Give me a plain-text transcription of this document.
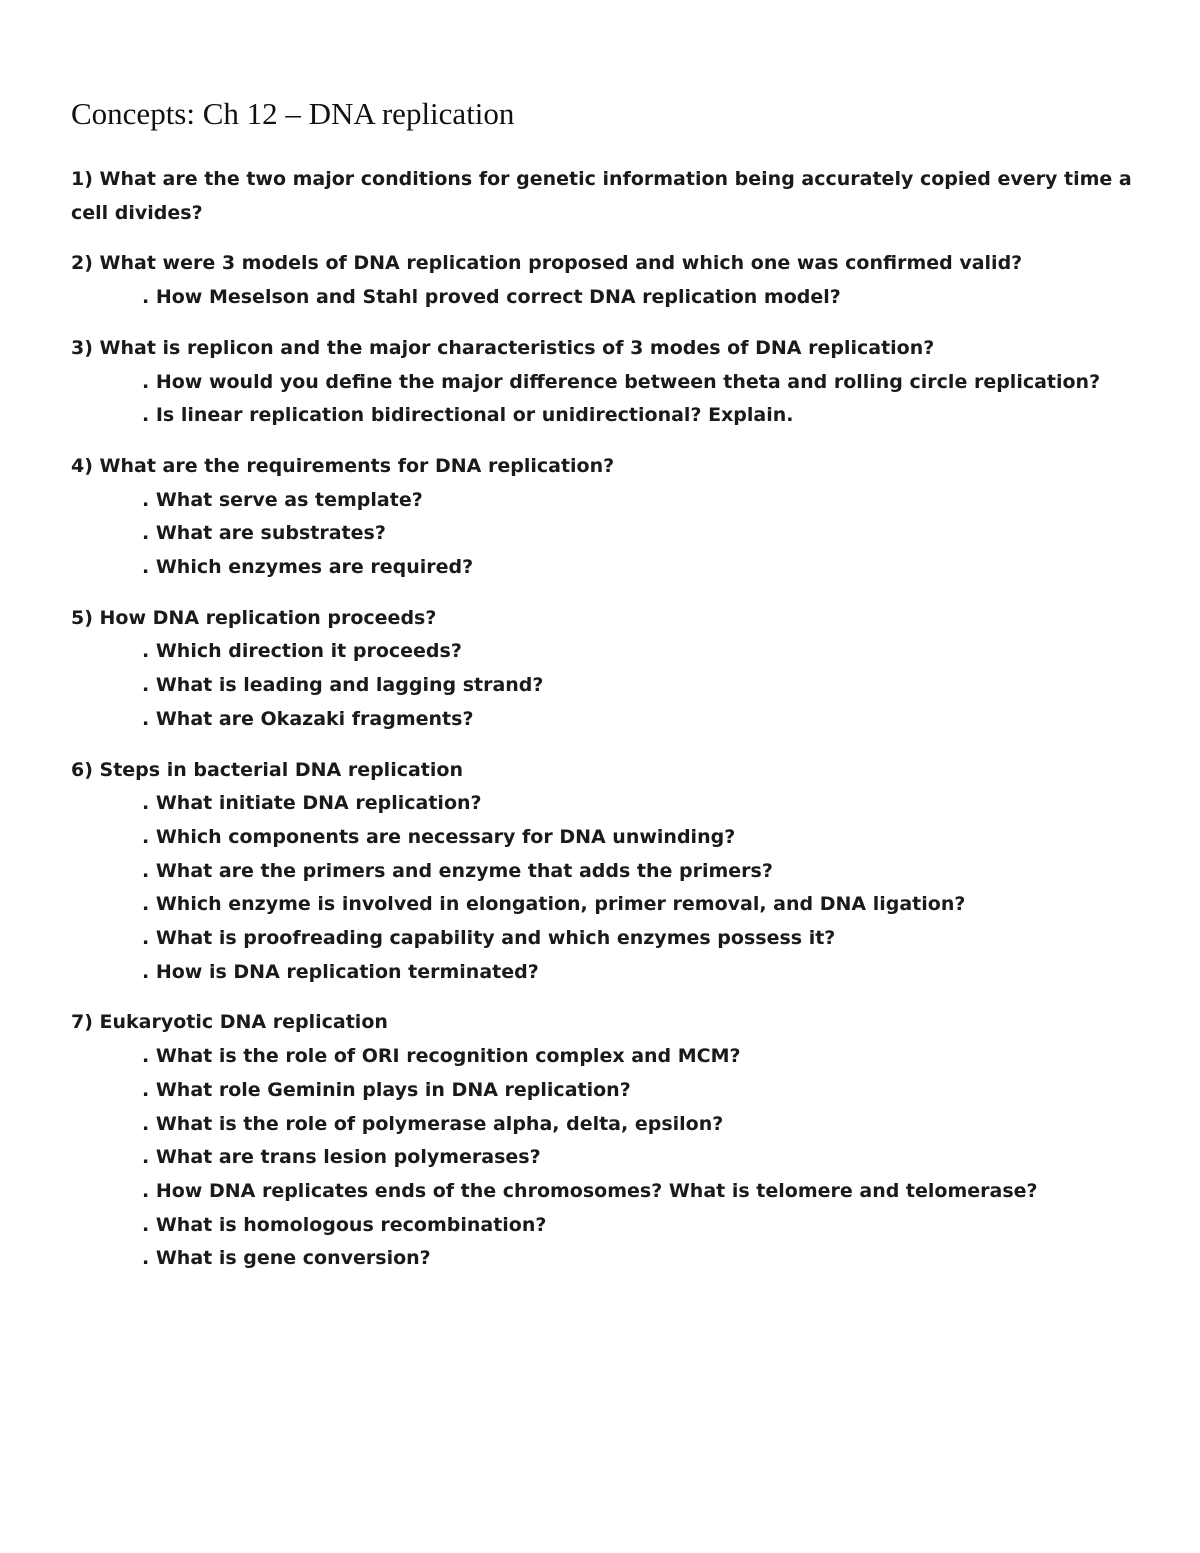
Concepts: Ch 12 – DNA replication

1) What are the two major conditions for genetic information being accurately copied every time a cell divides?

2) What were 3 models of DNA replication proposed and which one was confirmed valid?

. How Meselson and Stahl proved correct DNA replication model?

3) What is replicon and the major characteristics of 3 modes of DNA replication?

. How would you define the major difference between theta and rolling circle replication?
. Is linear replication bidirectional or unidirectional? Explain.

4) What are the requirements for DNA replication?

. What serve as template?
. What are substrates?
. Which enzymes are required?

5) How DNA replication proceeds?

. Which direction it proceeds?
. What is leading and lagging strand?
. What are Okazaki fragments?

6) Steps in bacterial DNA replication

. What initiate DNA replication?
. Which components are necessary for DNA unwinding?
. What are the primers and enzyme that adds the primers?
. Which enzyme is involved in elongation, primer removal, and DNA ligation?
. What is proofreading capability and which enzymes possess it?
. How is DNA replication terminated?

7) Eukaryotic DNA replication

. What is the role of ORI recognition complex and MCM?
. What role Geminin plays in DNA replication?
. What is the role of polymerase alpha, delta, epsilon?
. What are trans lesion polymerases?
. How DNA replicates ends of the chromosomes? What is telomere and telomerase?
. What is homologous recombination?
. What is gene conversion?
